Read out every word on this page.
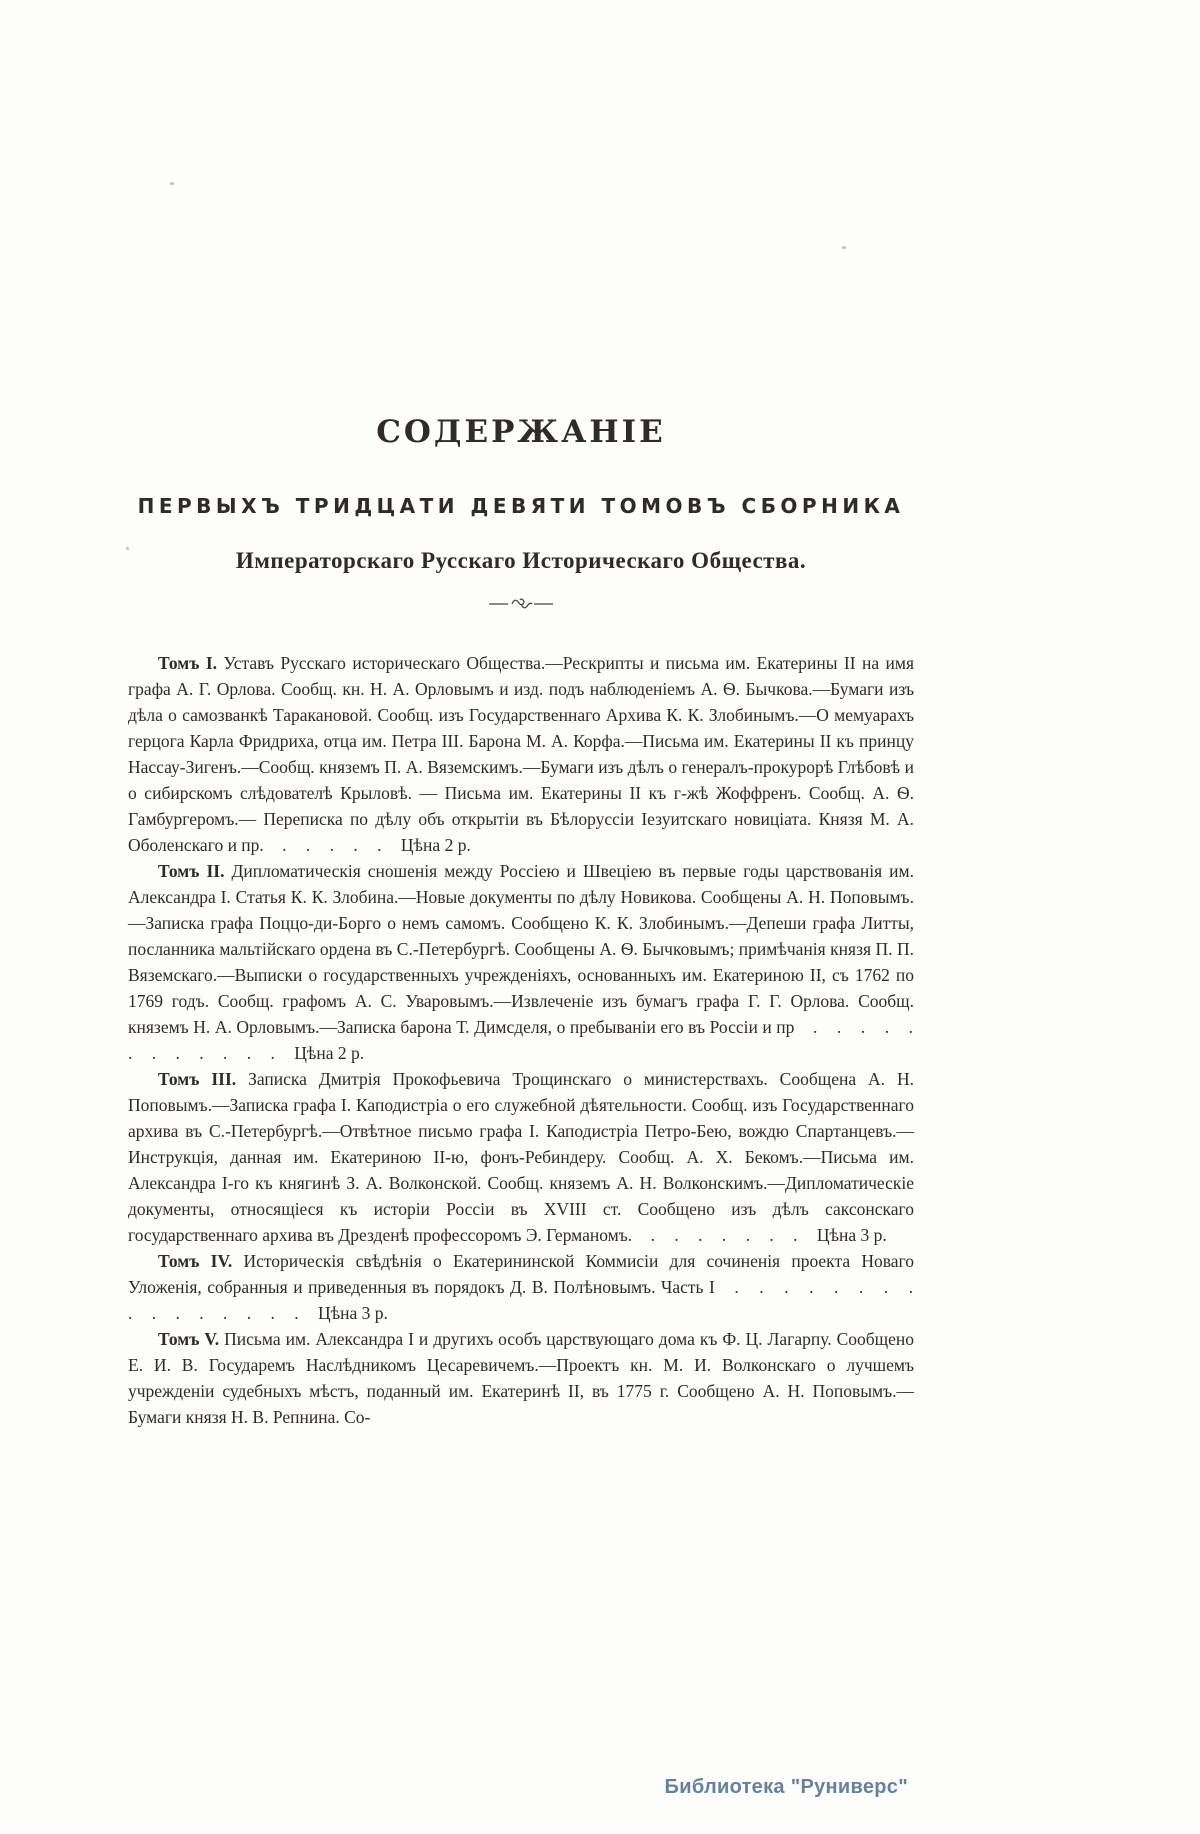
СОДЕРЖАНІЕ
ПЕРВЫХЪ ТРИДЦАТИ ДЕВЯТИ ТОМОВЪ СБОРНИКА
Императорскаго Русскаго Историческаго Общества.

Томъ I. Уставъ Русскаго историческаго Общества.—Рескрипты и письма им. Екатерины II на имя графа А. Г. Орлова. Сообщ. кн. Н. А. Орловымъ и изд. подъ наблюденіемъ А. Ѳ. Бычкова.—Бумаги изъ дѣла о самозванкѣ Таракановой. Сообщ. изъ Государственнаго Архива К. К. Злобинымъ.—О мемуарахъ герцога Карла Фридриха, отца им. Петра III. Барона М. А. Корфа.—Письма им. Екатерины II къ принцу Нассау-Зигенъ.—Сообщ. княземъ П. А. Вяземскимъ.—Бумаги изъ дѣлъ о генералъ-прокурорѣ Глѣбовѣ и о сибирскомъ слѣдователѣ Крыловѣ. — Письма им. Екатерины II къ г-жѣ Жоффренъ. Сообщ. А. Ѳ. Гамбургеромъ.— Переписка по дѣлу объ открытіи въ Бѣлоруссіи Іезуитскаго новиціата. Князя М. А. Оболенскаго и пр. . . . . . Цѣна 2 р.

Томъ II. Дипломатическія сношенія между Россіею и Швеціею въ первые годы царствованія им. Александра I. Статья К. К. Злобина.—Новые документы по дѣлу Новикова. Сообщены А. Н. Поповымъ.—Записка графа Поццо-ди-Борго о немъ самомъ. Сообщено К. К. Злобинымъ.—Депеши графа Литты, посланника мальтійскаго ордена въ С.-Петербургѣ. Сообщены А. Ѳ. Бычковымъ; примѣчанія князя П. П. Вяземскаго.—Выписки о государственныхъ учрежденіяхъ, основанныхъ им. Екатериною II, съ 1762 по 1769 годъ. Сообщ. графомъ А. С. Уваровымъ.—Извлеченіе изъ бумагъ графа Г. Г. Орлова. Сообщ. княземъ Н. А. Орловымъ.—Записка барона Т. Димсделя, о пребываніи его въ Россіи и пр . . . . . . . . . . . . Цѣна 2 р.

Томъ III. Записка Дмитрія Прокофьевича Трощинскаго о министерствахъ. Сообщена А. Н. Поповымъ.—Записка графа I. Каподистріа о его служебной дѣятельности. Сообщ. изъ Государственнаго архива въ С.-Петербургѣ.—Отвѣтное письмо графа I. Каподистріа Петро-Бею, вождю Спартанцевъ.—Инструкція, данная им. Екатериною II-ю, фонъ-Ребиндеру. Сообщ. А. Х. Бекомъ.—Письма им. Александра I-го къ княгинѣ З. А. Волконской. Сообщ. княземъ А. Н. Волконскимъ.—Дипломатическіе документы, относящіеся къ исторіи Россіи въ XVIII ст. Сообщено изъ дѣлъ саксонскаго государственнаго архива въ Дрезденѣ профессоромъ Э. Германомъ. . . . . . . . Цѣна 3 р.

Томъ IV. Историческія свѣдѣнія о Екатерининской Коммисіи для сочиненія проекта Новаго Уложенія, собранныя и приведенныя въ порядокъ Д. В. Полѣновымъ. Часть I . . . . . . . . . . . . . . . . Цѣна 3 р.

Томъ V. Письма им. Александра I и другихъ особъ царствующаго дома къ Ф. Ц. Лагарпу. Сообщено Е. И. В. Государемъ Наслѣдникомъ Цесаревичемъ.—Проектъ кн. М. И. Волконскаго о лучшемъ учрежденіи судебныхъ мѣстъ, поданный им. Екатеринѣ II, въ 1775 г. Сообщено А. Н. Поповымъ.—Бумаги князя Н. В. Репнина. Со-

Библиотека "Руниверс"
